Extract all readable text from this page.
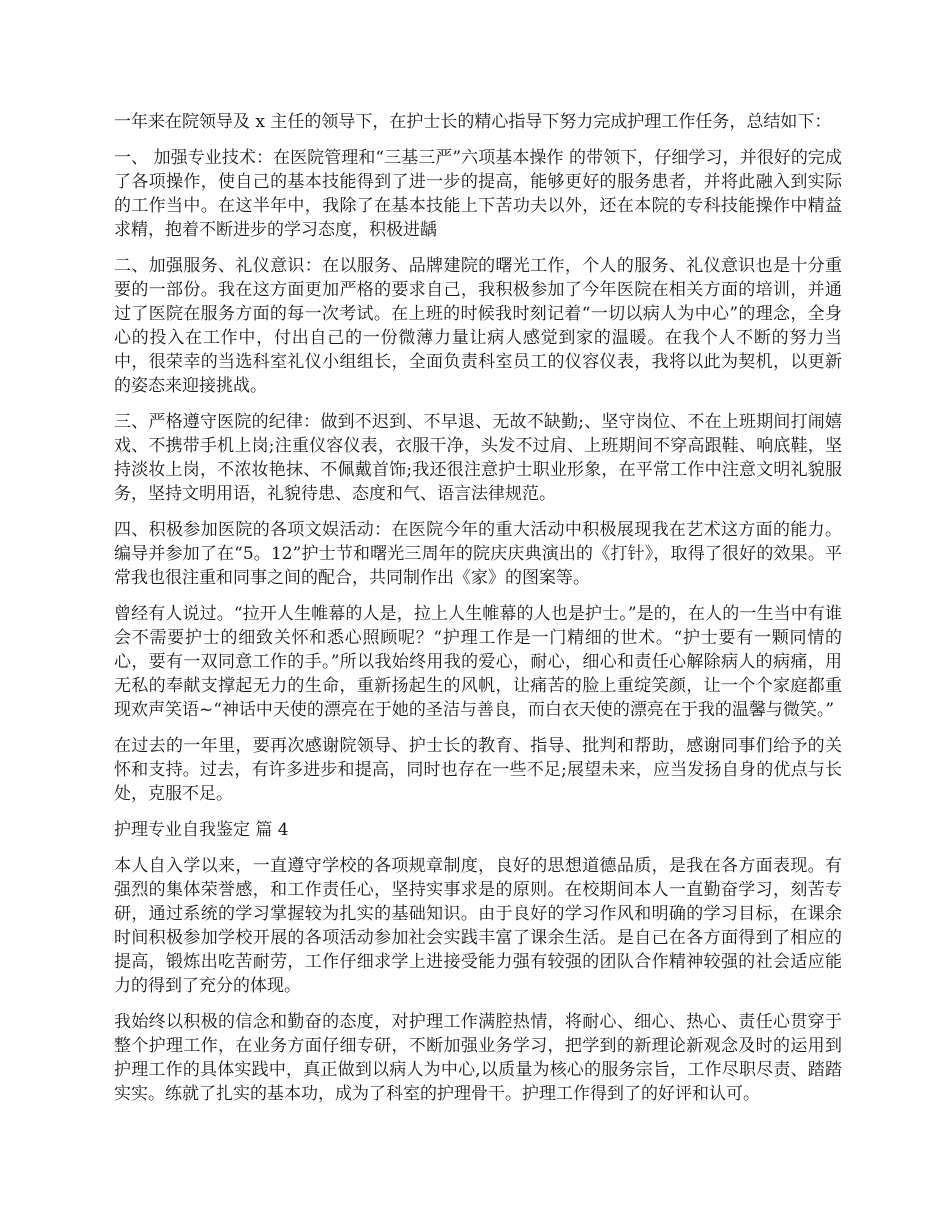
一年来在院领导及 x 主任的领导下，在护士长的精心指导下努力完成护理工作任务，总结如下：

一、 加强专业技术：在医院管理和“三基三严”六项基本操作 的带领下，仔细学习，并很好的完成了各项操作，使自己的基本技能得到了进一步的提高，能够更好的服务患者，并将此融入到实际的工作当中。在这半年中，我除了在基本技能上下苦功夫以外，还在本院的专科技能操作中精益求精，抱着不断进步的学习态度，积极进龋

二、加强服务、礼仪意识：在以服务、品牌建院的曙光工作，个人的服务、礼仪意识也是十分重要的一部份。我在这方面更加严格的要求自己，我积极参加了今年医院在相关方面的培训，并通过了医院在服务方面的每一次考试。在上班的时候我时刻记着“一切以病人为中心”的理念，全身心的投入在工作中，付出自己的一份微薄力量让病人感觉到家的温暖。在我个人不断的努力当中，很荣幸的当选科室礼仪小组组长，全面负责科室员工的仪容仪表，我将以此为契机，以更新的姿态来迎接挑战。

三、严格遵守医院的纪律：做到不迟到、不早退、无故不缺勤;、坚守岗位、不在上班期间打闹嬉戏、不携带手机上岗;注重仪容仪表，衣服干净，头发不过肩、上班期间不穿高跟鞋、响底鞋，坚持淡妆上岗，不浓妆艳抹、不佩戴首饰;我还很注意护士职业形象，在平常工作中注意文明礼貌服务，坚持文明用语，礼貌待患、态度和气、语言法律规范。

四、积极参加医院的各项文娱活动：在医院今年的重大活动中积极展现我在艺术这方面的能力。编导并参加了在“5。12”护士节和曙光三周年的院庆庆典演出的《打针》，取得了很好的效果。平常我也很注重和同事之间的配合，共同制作出《家》的图案等。

曾经有人说过。“拉开人生帷幕的人是，拉上人生帷幕的人也是护士。”是的，在人的一生当中有谁会不需要护士的细致关怀和悉心照顾呢？“护理工作是一门精细的世术。“护士要有一颗同情的心，要有一双同意工作的手。”所以我始终用我的爱心，耐心，细心和责任心解除病人的病痛，用无私的奉献支撑起无力的生命，重新扬起生的风帆，让痛苦的脸上重绽笑颜，让一个个家庭都重现欢声笑语~“神话中天使的漂亮在于她的圣洁与善良，而白衣天使的漂亮在于我的温馨与微笑。”

在过去的一年里，要再次感谢院领导、护士长的教育、指导、批判和帮助，感谢同事们给予的关怀和支持。过去，有许多进步和提高，同时也存在一些不足;展望未来，应当发扬自身的优点与长处，克服不足。

护理专业自我鉴定 篇 4

本人自入学以来，一直遵守学校的各项规章制度，良好的思想道德品质，是我在各方面表现。有强烈的集体荣誉感，和工作责任心，坚持实事求是的原则。在校期间本人一直勤奋学习，刻苦专研，通过系统的学习掌握较为扎实的基础知识。由于良好的学习作风和明确的学习目标，在课余时间积极参加学校开展的各项活动参加社会实践丰富了课余生活。是自己在各方面得到了相应的提高，锻炼出吃苦耐劳，工作仔细求学上进接受能力强有较强的团队合作精神较强的社会适应能力的得到了充分的体现。

我始终以积极的信念和勤奋的态度，对护理工作满腔热情，将耐心、细心、热心、责任心贯穿于整个护理工作，在业务方面仔细专研，不断加强业务学习，把学到的新理论新观念及时的运用到护理工作的具体实践中，真正做到以病人为中心,以质量为核心的服务宗旨，工作尽职尽责、踏踏实实。练就了扎实的基本功，成为了科室的护理骨干。护理工作得到了的好评和认可。
